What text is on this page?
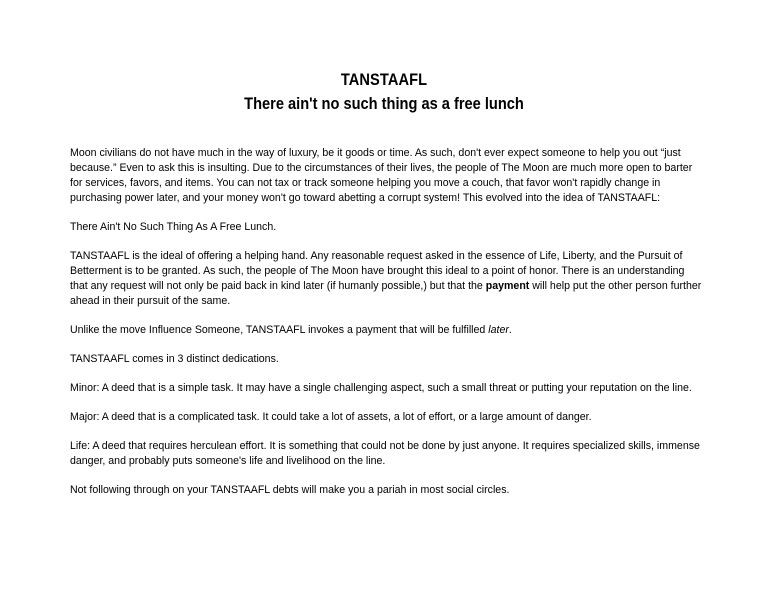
TANSTAAFL
There ain't no such thing as a free lunch

Moon civilians do not have much in the way of luxury, be it goods or time. As such, don't ever expect someone to help you out “just because.” Even to ask this is insulting. Due to the circumstances of their lives, the people of The Moon are much more open to barter for services, favors, and items. You can not tax or track someone helping you move a couch, that favor won't rapidly change in purchasing power later, and your money won't go toward abetting a corrupt system! This evolved into the idea of TANSTAAFL:

There Ain't No Such Thing As A Free Lunch.

TANSTAAFL is the ideal of offering a helping hand. Any reasonable request asked in the essence of Life, Liberty, and the Pursuit of Betterment is to be granted. As such, the people of The Moon have brought this ideal to a point of honor. There is an understanding that any request will not only be paid back in kind later (if humanly possible,) but that the payment will help put the other person further ahead in their pursuit of the same.

Unlike the move Influence Someone, TANSTAAFL invokes a payment that will be fulfilled later.

TANSTAAFL comes in 3 distinct dedications.

Minor: A deed that is a simple task. It may have a single challenging aspect, such a small threat or putting your reputation on the line.

Major: A deed that is a complicated task. It could take a lot of assets, a lot of effort, or a large amount of danger.

Life: A deed that requires herculean effort. It is something that could not be done by just anyone. It requires specialized skills, immense danger, and probably puts someone's life and livelihood on the line.

Not following through on your TANSTAAFL debts will make you a pariah in most social circles.
